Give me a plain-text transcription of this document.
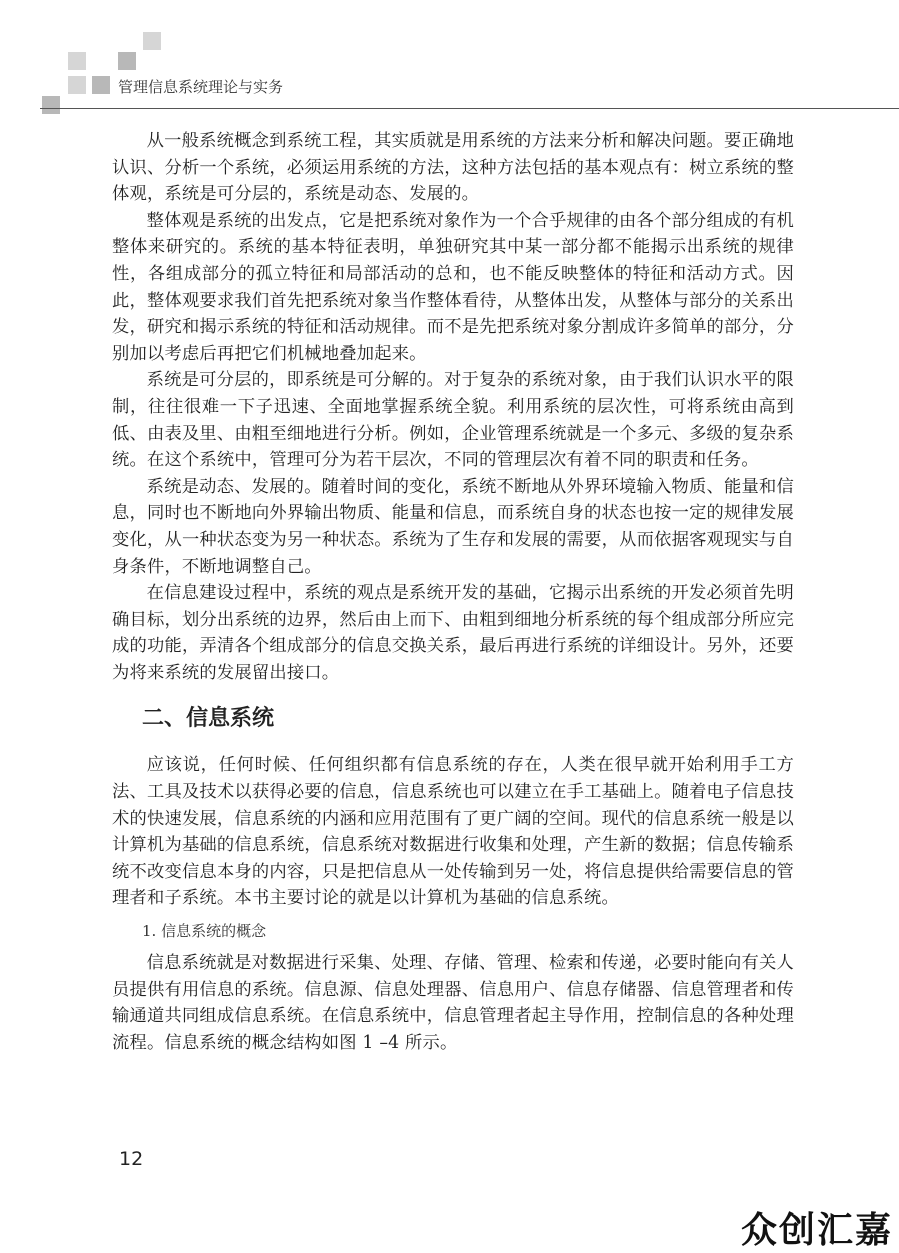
管理信息系统理论与实务

从一般系统概念到系统工程，其实质就是用系统的方法来分析和解决问题。要正确地认识、分析一个系统，必须运用系统的方法，这种方法包括的基本观点有：树立系统的整体观，系统是可分层的，系统是动态、发展的。

整体观是系统的出发点，它是把系统对象作为一个合乎规律的由各个部分组成的有机整体来研究的。系统的基本特征表明，单独研究其中某一部分都不能揭示出系统的规律性，各组成部分的孤立特征和局部活动的总和，也不能反映整体的特征和活动方式。因此，整体观要求我们首先把系统对象当作整体看待，从整体出发，从整体与部分的关系出发，研究和揭示系统的特征和活动规律。而不是先把系统对象分割成许多简单的部分，分别加以考虑后再把它们机械地叠加起来。

系统是可分层的，即系统是可分解的。对于复杂的系统对象，由于我们认识水平的限制，往往很难一下子迅速、全面地掌握系统全貌。利用系统的层次性，可将系统由高到低、由表及里、由粗至细地进行分析。例如，企业管理系统就是一个多元、多级的复杂系统。在这个系统中，管理可分为若干层次，不同的管理层次有着不同的职责和任务。

系统是动态、发展的。随着时间的变化，系统不断地从外界环境输入物质、能量和信息，同时也不断地向外界输出物质、能量和信息，而系统自身的状态也按一定的规律发展变化，从一种状态变为另一种状态。系统为了生存和发展的需要，从而依据客观现实与自身条件，不断地调整自己。

在信息建设过程中，系统的观点是系统开发的基础，它揭示出系统的开发必须首先明确目标，划分出系统的边界，然后由上而下、由粗到细地分析系统的每个组成部分所应完成的功能，弄清各个组成部分的信息交换关系，最后再进行系统的详细设计。另外，还要为将来系统的发展留出接口。

二、信息系统

应该说，任何时候、任何组织都有信息系统的存在，人类在很早就开始利用手工方法、工具及技术以获得必要的信息，信息系统也可以建立在手工基础上。随着电子信息技术的快速发展，信息系统的内涵和应用范围有了更广阔的空间。现代的信息系统一般是以计算机为基础的信息系统，信息系统对数据进行收集和处理，产生新的数据；信息传输系统不改变信息本身的内容，只是把信息从一处传输到另一处，将信息提供给需要信息的管理者和子系统。本书主要讨论的就是以计算机为基础的信息系统。

1. 信息系统的概念

信息系统就是对数据进行采集、处理、存储、管理、检索和传递，必要时能向有关人员提供有用信息的系统。信息源、信息处理器、信息用户、信息存储器、信息管理者和传输通道共同组成信息系统。在信息系统中，信息管理者起主导作用，控制信息的各种处理流程。信息系统的概念结构如图 1 –4 所示。

12
众创汇嘉
